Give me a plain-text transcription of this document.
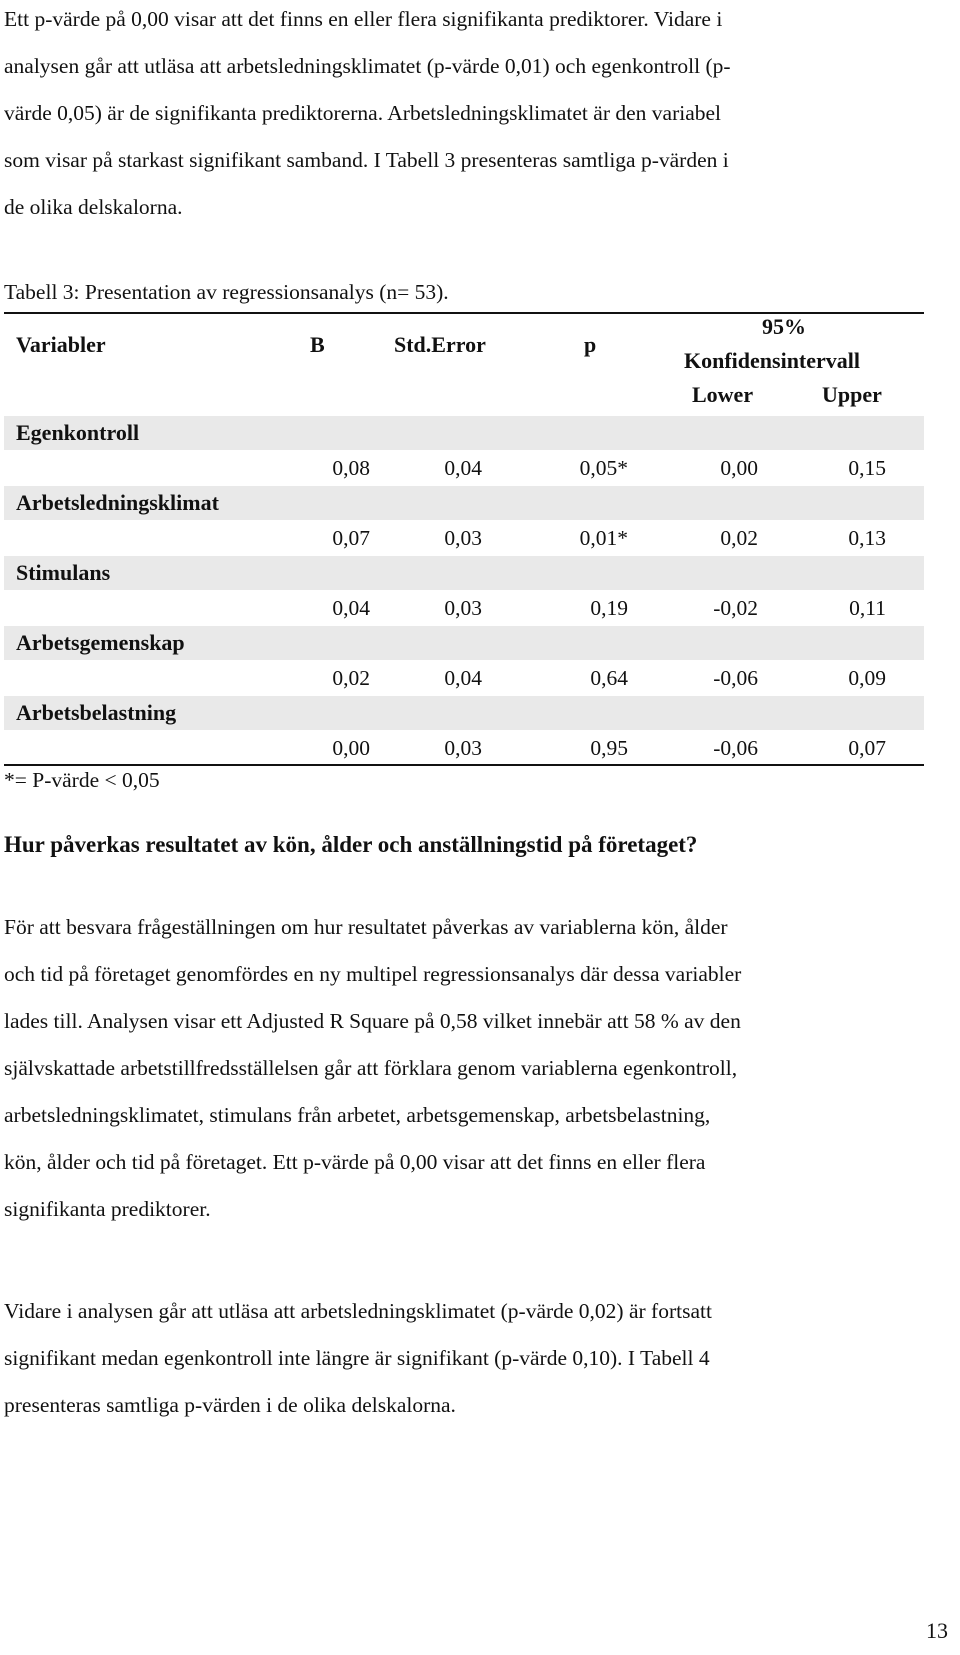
Ett p-värde på 0,00 visar att det finns en eller flera signifikanta prediktorer. Vidare i
analysen går att utläsa att arbetsledningsklimatet (p-värde 0,01) och egenkontroll (p-
värde 0,05) är de signifikanta prediktorerna. Arbetsledningsklimatet är den variabel
som visar på starkast signifikant samband. I Tabell 3 presenteras samtliga p-värden i
de olika delskalorna.
Tabell 3: Presentation av regressionsanalys (n= 53).
Variabler	B	Std.Error	p
95%
Konfidensintervall
Lower	Upper
Egenkontroll
0,08	0,04	0,05*	0,00	0,15
Arbetsledningsklimat
0,07	0,03	0,01*	0,02	0,13
Stimulans
0,04	0,03	0,19	-0,02	0,11
Arbetsgemenskap
0,02	0,04	0,64	-0,06	0,09
Arbetsbelastning
0,00	0,03	0,95	-0,06	0,07
*= P-värde < 0,05
Hur påverkas resultatet av kön, ålder och anställningstid på företaget?
För att besvara frågeställningen om hur resultatet påverkas av variablerna kön, ålder
och tid på företaget genomfördes en ny multipel regressionsanalys där dessa variabler
lades till. Analysen visar ett Adjusted R Square på 0,58 vilket innebär att 58 % av den
självskattade arbetstillfredsställelsen går att förklara genom variablerna egenkontroll,
arbetsledningsklimatet, stimulans från arbetet, arbetsgemenskap, arbetsbelastning,
kön, ålder och tid på företaget. Ett p-värde på 0,00 visar att det finns en eller flera
signifikanta prediktorer.
Vidare i analysen går att utläsa att arbetsledningsklimatet (p-värde 0,02) är fortsatt
signifikant medan egenkontroll inte längre är signifikant (p-värde 0,10). I Tabell 4
presenteras samtliga p-värden i de olika delskalorna.
13
